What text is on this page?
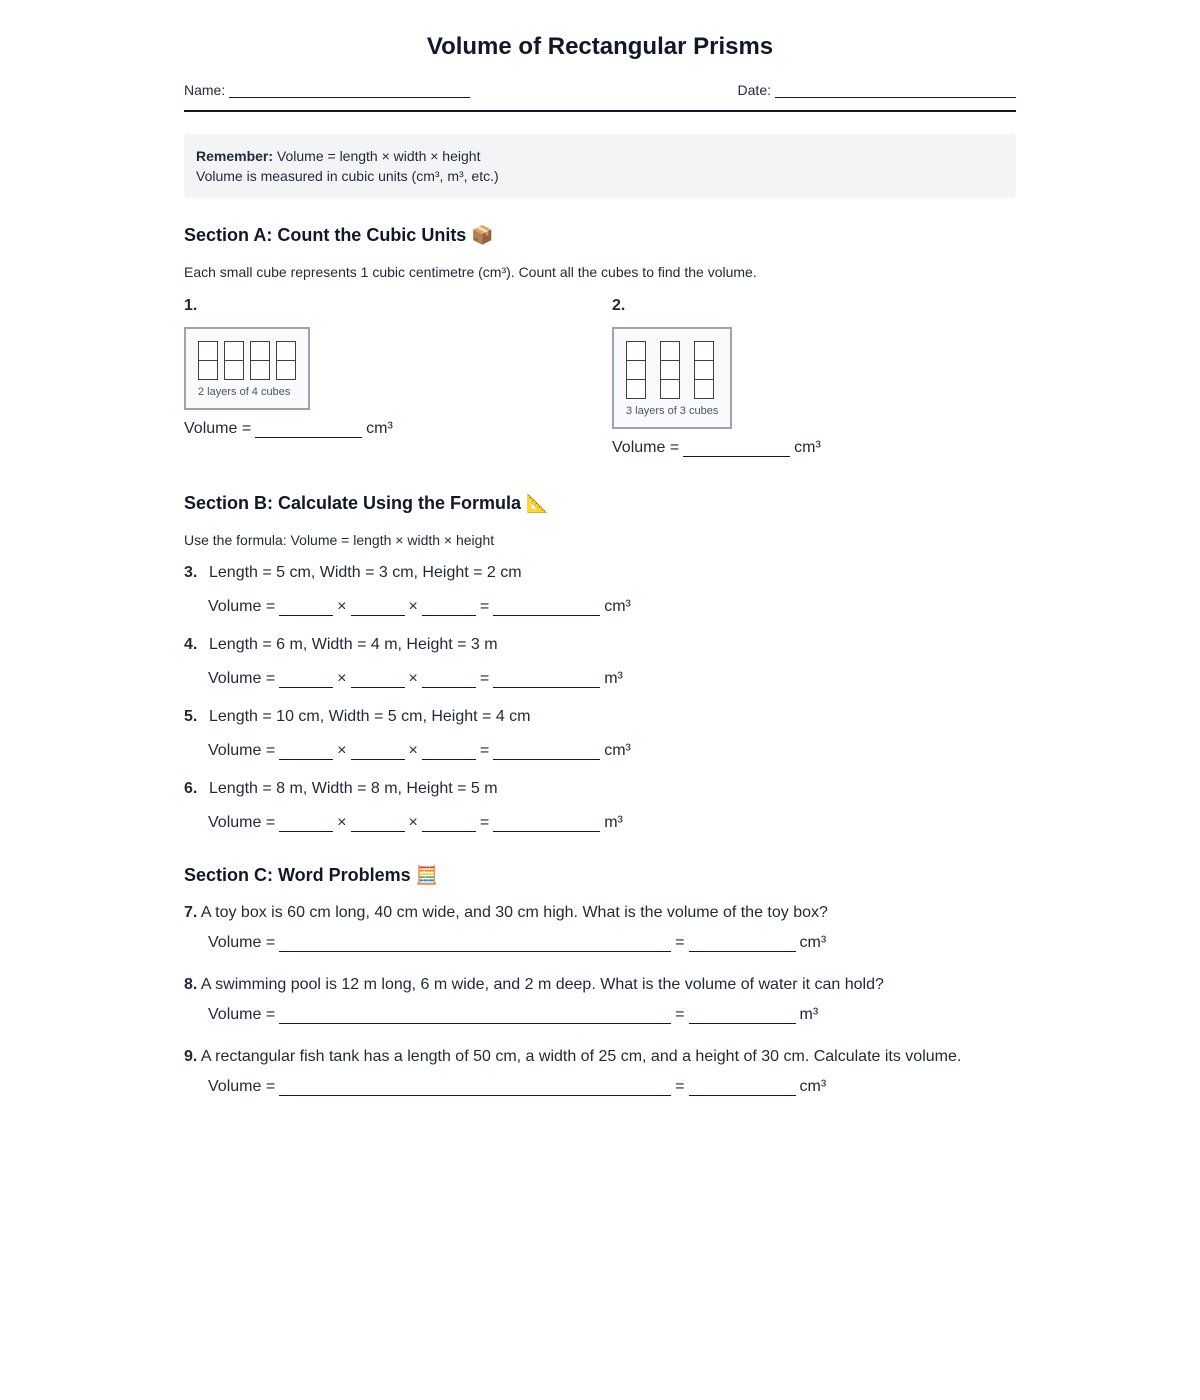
Volume of Rectangular Prisms
Name:	Date:
Remember: Volume = length × width × height
Volume is measured in cubic units (cm³, m³, etc.)
Section A: Count the Cubic Units 📦
Each small cube represents 1 cubic centimetre (cm³). Count all the cubes to find the volume.
1.
2 layers of 4 cubes
Volume =	cm³
2.
3 layers of 3 cubes
Volume =	cm³
Section B: Calculate Using the Formula 📐
Use the formula: Volume = length × width × height
3. Length = 5 cm, Width = 3 cm, Height = 2 cm
Volume =	×	×	=	cm³
4. Length = 6 m, Width = 4 m, Height = 3 m
Volume =	×	×	=	m³
5. Length = 10 cm, Width = 5 cm, Height = 4 cm
Volume =	×	×	=	cm³
6. Length = 8 m, Width = 8 m, Height = 5 m
Volume =	×	×	=	m³
Section C: Word Problems 🧮
7. A toy box is 60 cm long, 40 cm wide, and 30 cm high. What is the volume of the toy box?
Volume =	=	cm³
8. A swimming pool is 12 m long, 6 m wide, and 2 m deep. What is the volume of water it can hold?
Volume =	=	m³
9. A rectangular fish tank has a length of 50 cm, a width of 25 cm, and a height of 30 cm. Calculate its volume.
Volume =	=	cm³
